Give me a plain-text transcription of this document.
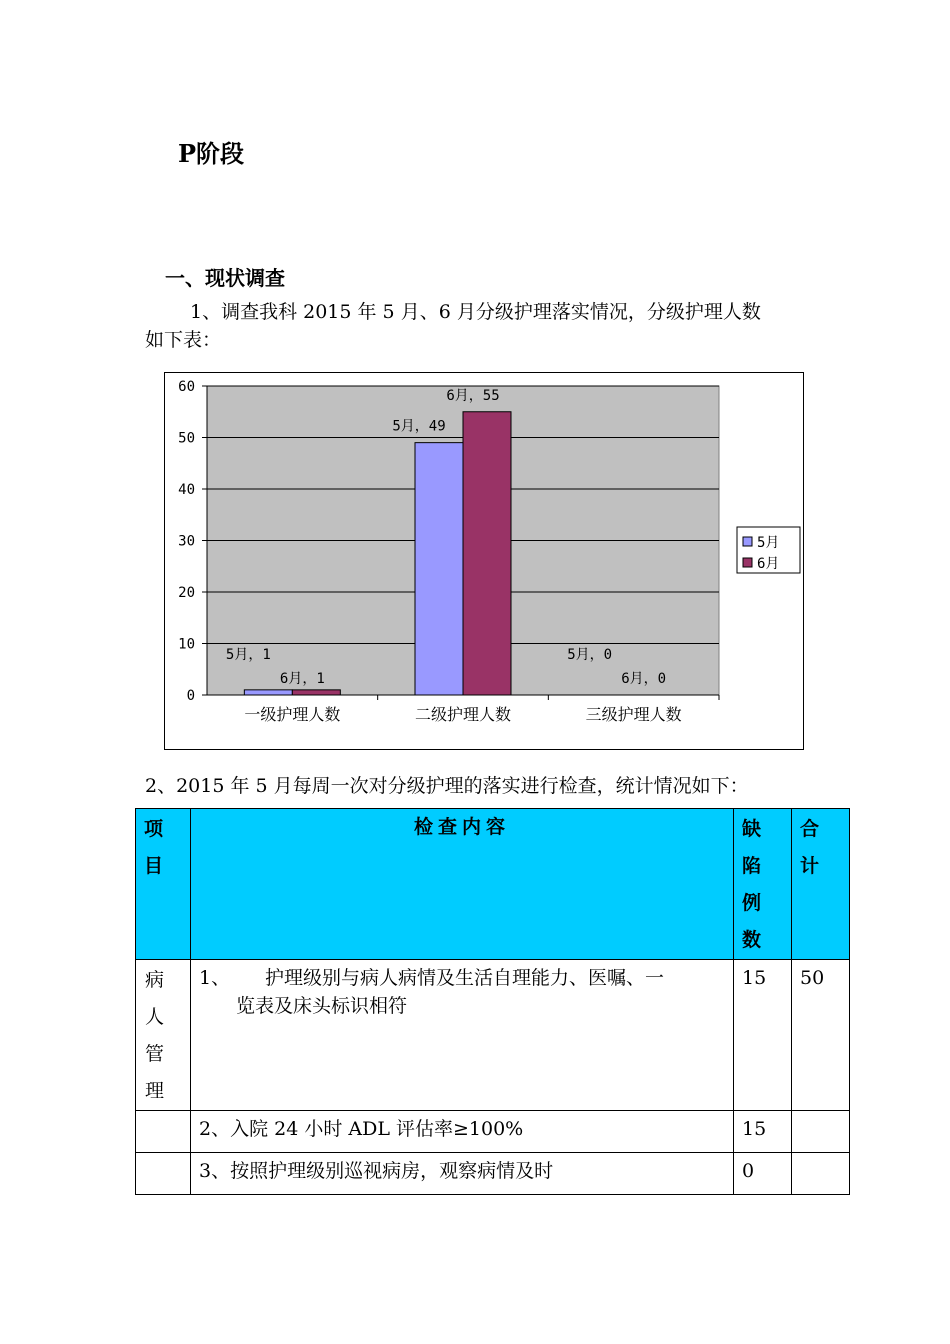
P阶段
一、现状调查
1、调查我科 2015 年 5 月、6 月分级护理落实情况，分级护理人数
如下表：
0
10
20
30
40
50
60
5月，1
6月，1
一级护理人数
5月，49
6月，55
二级护理人数
5月，0
6月，0
三级护理人数
5月
6月
2、2015 年 5 月每周一次对分级护理的落实进行检查，统计情况如下：
项目	检查内容	缺陷例数	合计

病人管理	1、 护理级别与病人病情及生活自理能力、医嘱、一
览表及床头标识相符	15	50

	2、入院 24 小时 ADL 评估率≥100%	15	

	3、按照护理级别巡视病房，观察病情及时	0	
